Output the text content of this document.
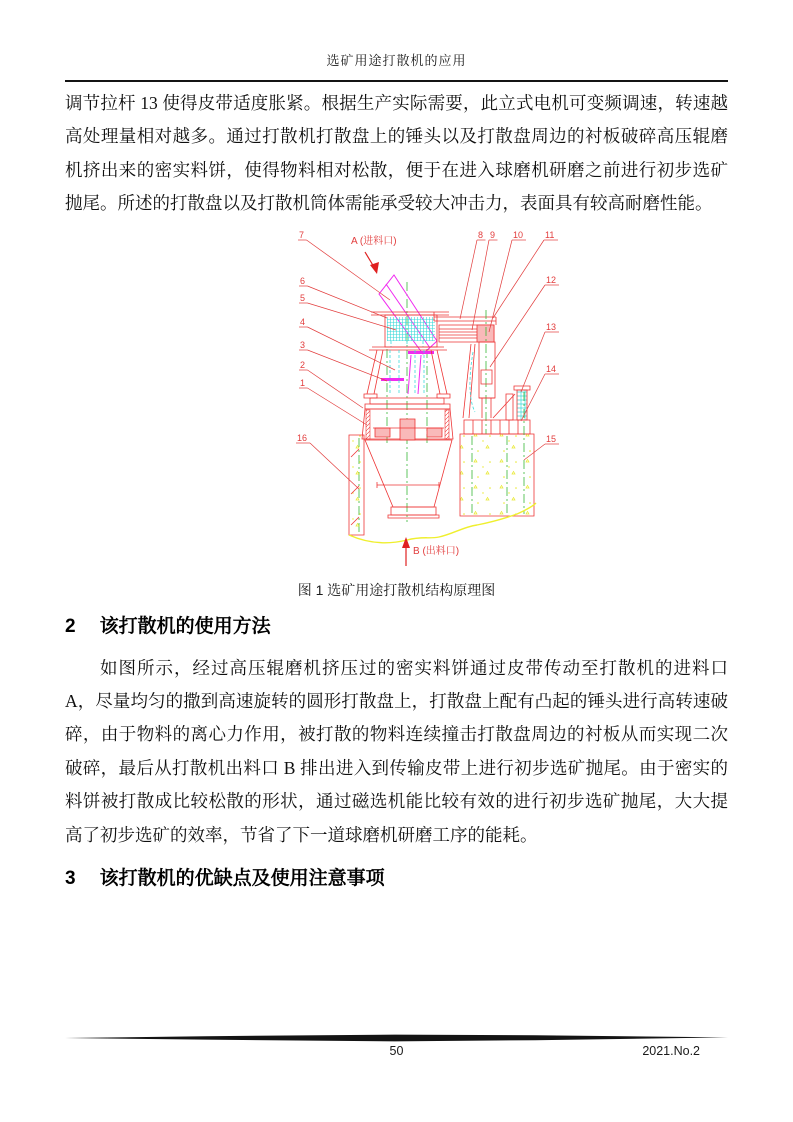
选矿用途打散机的应用

调节拉杆 13 使得皮带适度胀紧。根据生产实际需要，此立式电机可变频调速，转速越高处理量相对越多。通过打散机打散盘上的锤头以及打散盘周边的衬板破碎高压辊磨机挤出来的密实料饼，使得物料相对松散，便于在进入球磨机研磨之前进行初步选矿抛尾。所述的打散盘以及打散机筒体需能承受较大冲击力，表面具有较高耐磨性能。

A (进料口)
B (出料口)
7
6
5
4
3
2
1
16
8 9 10 11
12
13
14
15
图 1 选矿用途打散机结构原理图
2 该打散机的使用方法

如图所示，经过高压辊磨机挤压过的密实料饼通过皮带传动至打散机的进料口 A，尽量均匀的撒到高速旋转的圆形打散盘上，打散盘上配有凸起的锤头进行高转速破碎，由于物料的离心力作用，被打散的物料连续撞击打散盘周边的衬板从而实现二次破碎，最后从打散机出料口 B 排出进入到传输皮带上进行初步选矿抛尾。由于密实的料饼被打散成比较松散的形状，通过磁选机能比较有效的进行初步选矿抛尾，大大提高了初步选矿的效率，节省了下一道球磨机研磨工序的能耗。

3 该打散机的优缺点及使用注意事项
50	2021.No.2
